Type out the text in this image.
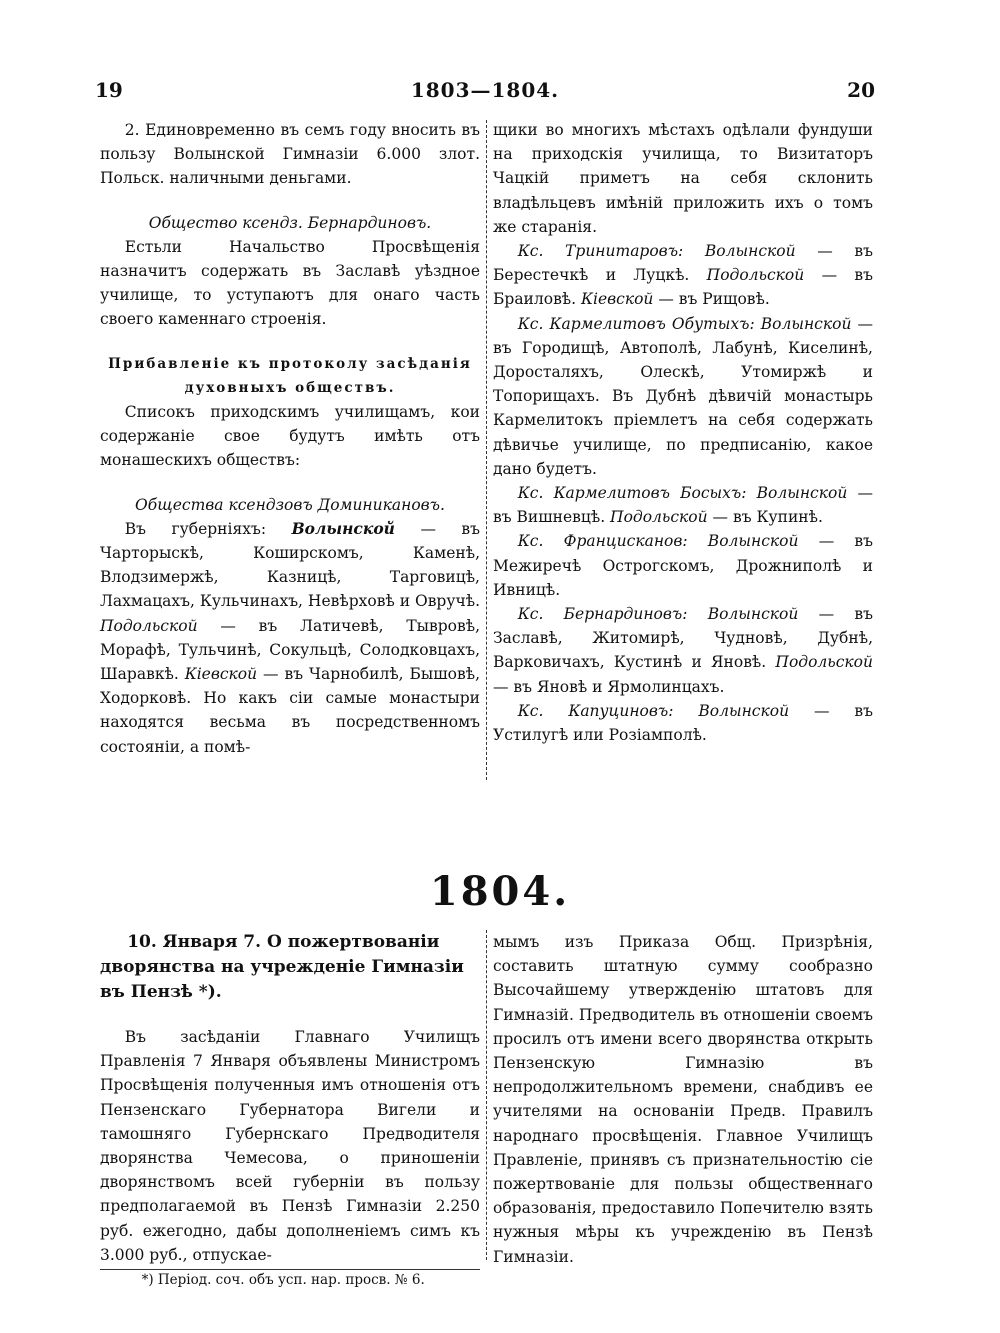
19	1803—1804.	20

2. Единовременно въ семъ году вносить въ пользу Волынской Гимназіи 6.000 злот. Польск. наличными деньгами.

Общество ксендз. Бернардиновъ.

Естьли Начальство Просвѣщенія назначитъ содержать въ Заславѣ уѣздное училище, то уступаютъ для онаго часть своего каменнаго строенія.

Прибавленіе къ протоколу засѣданія

духовныхъ обществъ.

Списокъ приходскимъ училищамъ, кои содержаніе свое будутъ имѣть отъ монашескихъ обществъ:

Общества ксендзовъ Доминикановъ.

Въ губерніяхъ: Волынской — въ Чарторыскѣ, Коширскомъ, Каменѣ, Влодзимержѣ, Казницѣ, Тарговицѣ, Лахмацахъ, Кульчинахъ, Невѣрховѣ и Овручѣ. Подольской — въ Латичевѣ, Тывровѣ, Морафѣ, Тульчинѣ, Сокульцѣ, Солодковцахъ, Шаравкѣ. Кіевской — въ Чарнобилѣ, Бышовѣ, Ходорковѣ. Но какъ сіи самые монастыри находятся весьма въ посредственномъ состояніи, а помѣ-

щики во многихъ мѣстахъ одѣлали фундуши на приходскія училища, то Визитаторъ Чацкій приметъ на себя склонить владѣльцевъ имѣній приложить ихъ о томъ же старанія.

Кс. Тринитаровъ: Волынской — въ Берестечкѣ и Луцкѣ. Подольской — въ Браиловѣ. Кіевской — въ Рищовѣ.

Кс. Кармелитовъ Обутыхъ: Волынской — въ Городищѣ, Автополѣ, Лабунѣ, Киселинѣ, Доросталяхъ, Олескѣ, Утомиржѣ и Топорищахъ. Въ Дубнѣ дѣвичій монастырь Кармелитокъ пріемлетъ на себя содержать дѣвичье училище, по предписанію, какое дано будетъ.

Кс. Кармелитовъ Босыхъ: Волынской — въ Вишневцѣ. Подольской — въ Купинѣ.

Кс. Францисканов: Волынской — въ Межиречѣ Острогскомъ, Дрожниполѣ и Ивницѣ.

Кс. Бернардиновъ: Волынской — въ Заславѣ, Житомирѣ, Чудновѣ, Дубнѣ, Варковичахъ, Кустинѣ и Яновѣ. Подольской — въ Яновѣ и Ярмолинцахъ.

Кс. Капуциновъ: Волынской — въ Устилугѣ или Розіамполѣ.

1804.

10. Января 7. О пожертвованіи дворянства на учрежденіе Гимназіи въ Пензѣ *).

Въ засѣданіи Главнаго Училищъ Правленія 7 Января объявлены Министромъ Просвѣщенія полученныя имъ отношенія отъ Пензенскаго Губернатора Вигели и тамошняго Губернскаго Предводителя дворянства Чемесова, о приношеніи дворянствомъ всей губерніи въ пользу предполагаемой въ Пензѣ Гимназіи 2.250 руб. ежегодно, дабы дополненіемъ симъ къ 3.000 руб., отпускае-

*) Період. соч. объ усп. нар. просв. № 6.

мымъ изъ Приказа Общ. Призрѣнія, составить штатную сумму сообразно Высочайшему утвержденію штатовъ для Гимназій. Предводитель въ отношеніи своемъ просилъ отъ имени всего дворянства открыть Пензенскую Гимназію въ непродолжительномъ времени, снабдивъ ее учителями на основаніи Предв. Правилъ народнаго просвѣщенія. Главное Училищъ Правленіе, принявъ съ признательностію сіе пожертвованіе для пользы общественнаго образованія, предоставило Попечителю взять нужныя мѣры къ учрежденію въ Пензѣ Гимназіи.
